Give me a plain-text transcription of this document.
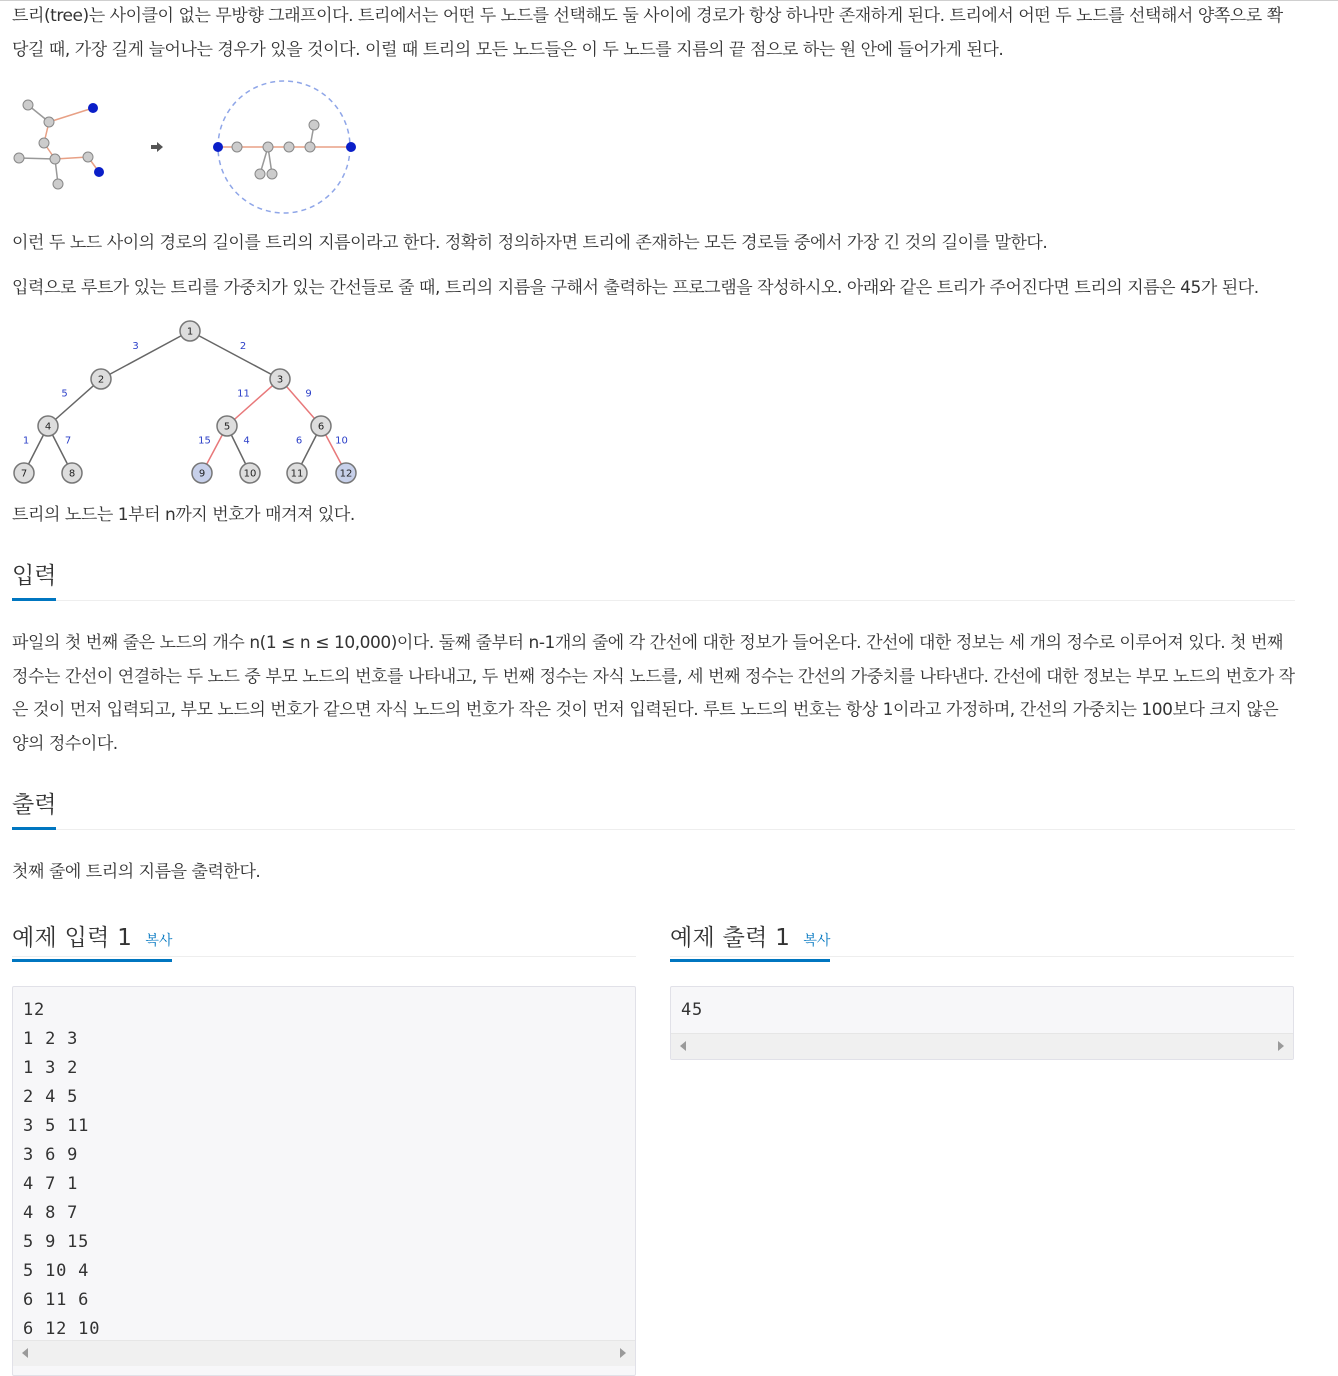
트리(tree)는 사이클이 없는 무방향 그래프이다. 트리에서는 어떤 두 노드를 선택해도 둘 사이에 경로가 항상 하나만 존재하게 된다. 트리에서 어떤 두 노드를 선택해서 양쪽으로 쫙 당길 때, 가장 길게 늘어나는 경우가 있을 것이다. 이럴 때 트리의 모든 노드들은 이 두 노드를 지름의 끝 점으로 하는 원 안에 들어가게 된다.

이런 두 노드 사이의 경로의 길이를 트리의 지름이라고 한다. 정확히 정의하자면 트리에 존재하는 모든 경로들 중에서 가장 긴 것의 길이를 말한다.

입력으로 루트가 있는 트리를 가중치가 있는 간선들로 줄 때, 트리의 지름을 구해서 출력하는 프로그램을 작성하시오. 아래와 같은 트리가 주어진다면 트리의 지름은 45가 된다.

3	2
5	11	9
1	7	15	4	6	10
1
2	3
4	5	6
7	8	9	10	11	12

트리의 노드는 1부터 n까지 번호가 매겨져 있다.

입력

파일의 첫 번째 줄은 노드의 개수 n(1 ≤ n ≤ 10,000)이다. 둘째 줄부터 n-1개의 줄에 각 간선에 대한 정보가 들어온다. 간선에 대한 정보는 세 개의 정수로 이루어져 있다. 첫 번째 정수는 간선이 연결하는 두 노드 중 부모 노드의 번호를 나타내고, 두 번째 정수는 자식 노드를, 세 번째 정수는 간선의 가중치를 나타낸다. 간선에 대한 정보는 부모 노드의 번호가 작은 것이 먼저 입력되고, 부모 노드의 번호가 같으면 자식 노드의 번호가 작은 것이 먼저 입력된다. 루트 노드의 번호는 항상 1이라고 가정하며, 간선의 가중치는 100보다 크지 않은 양의 정수이다.

출력

첫째 줄에 트리의 지름을 출력한다.

예제 입력 1 복사	예제 출력 1 복사
12
1 2 3
1 3 2
2 4 5
3 5 11
3 6 9
4 7 1
4 8 7
5 9 15
5 10 4
6 11 6
6 12 10
45
